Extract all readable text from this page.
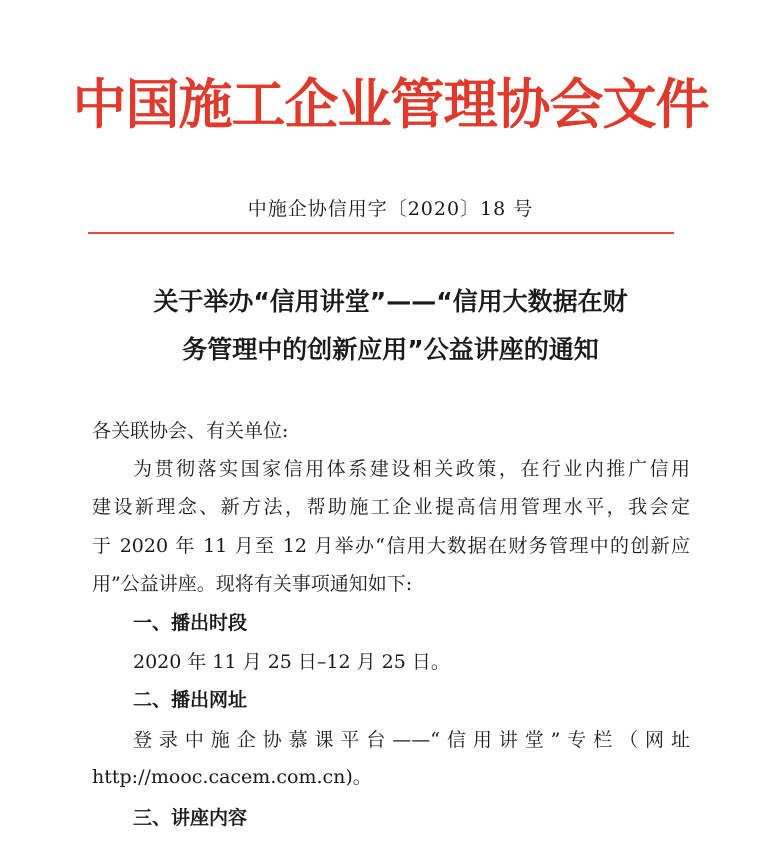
中国施工企业管理协会文件
中施企协信用字〔2020〕18 号
关于举办“信用讲堂”——“信用大数据在财
务管理中的创新应用”公益讲座的通知
各关联协会、有关单位:
为贯彻落实国家信用体系建设相关政策，在行业内推广信用
建设新理念、新方法，帮助施工企业提高信用管理水平，我会定
于 2020 年 11 月至 12 月举办“信用大数据在财务管理中的创新应
用”公益讲座。现将有关事项通知如下:
一、播出时段
2020 年 11 月 25 日–12 月 25 日。
二、播出网址
登录中施企协慕课平台——“信用讲堂”专栏（网址
http://mooc.cacem.com.cn)。
三、讲座内容
